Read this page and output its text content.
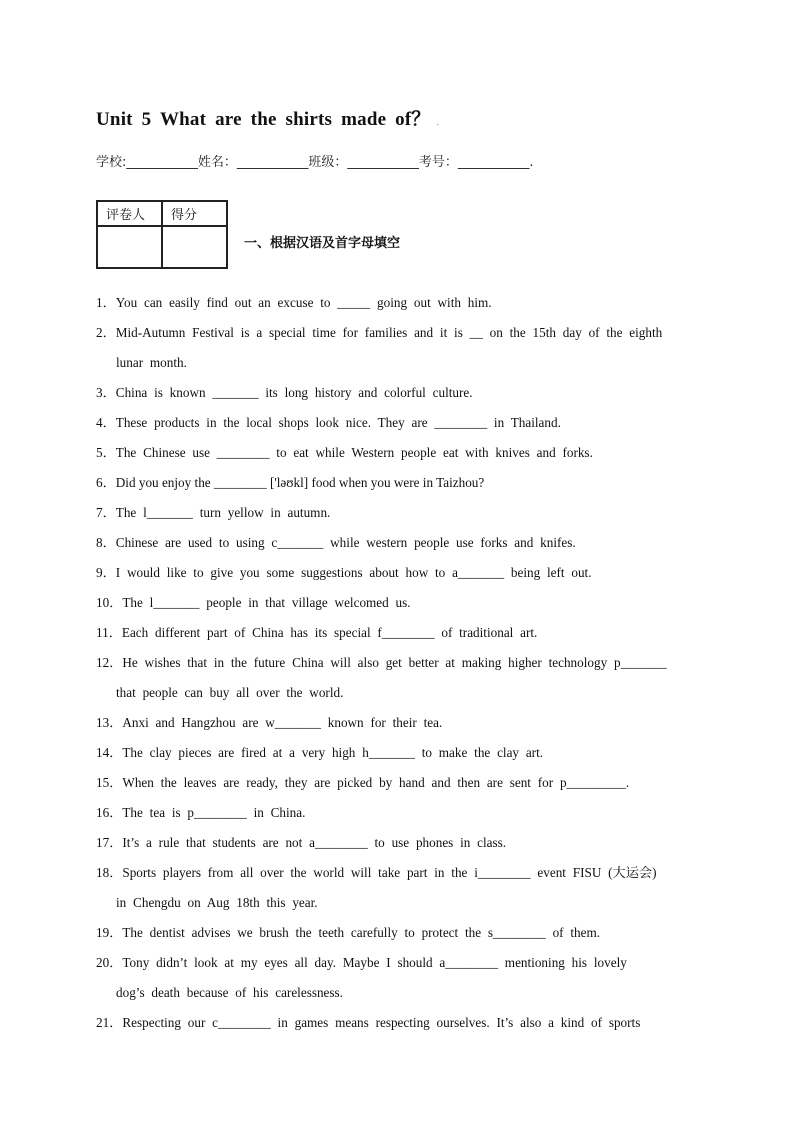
Unit 5 What are the shirts made of？ .
学校:___________姓名：___________班级：___________考号：___________.
评卷人	得分

一、根据汉语及首字母填空
1．You can easily find out an excuse to _____ going out with him.
2．Mid-Autumn Festival is a special time for families and it is __ on the 15th day of the eighth
lunar month.
3．China is known _______ its long history and colorful culture.
4．These products in the local shops look nice. They are ________ in Thailand.
5．The Chinese use ________ to eat while Western people eat with knives and forks.
6．Did you enjoy the ________ ['ləʊkl] food when you were in Taizhou?
7．The l_______ turn yellow in autumn.
8．Chinese are used to using c_______ while western people use forks and knifes.
9．I would like to give you some suggestions about how to a_______ being left out.
10．The l_______ people in that village welcomed us.
11．Each different part of China has its special f________ of traditional art.
12．He wishes that in the future China will also get better at making higher technology p_______
that people can buy all over the world.
13．Anxi and Hangzhou are w_______ known for their tea.
14．The clay pieces are fired at a very high h_______ to make the clay art.
15．When the leaves are ready, they are picked by hand and then are sent for p_________.
16．The tea is p________ in China.
17．It’s a rule that students are not a________ to use phones in class.
18．Sports players from all over the world will take part in the i________ event FISU (大运会)
in Chengdu on Aug 18th this year.
19．The dentist advises we brush the teeth carefully to protect the s________ of them.
20．Tony didn’t look at my eyes all day. Maybe I should a________ mentioning his lovely
dog’s death because of his carelessness.
21．Respecting our c________ in games means respecting ourselves. It’s also a kind of sports
